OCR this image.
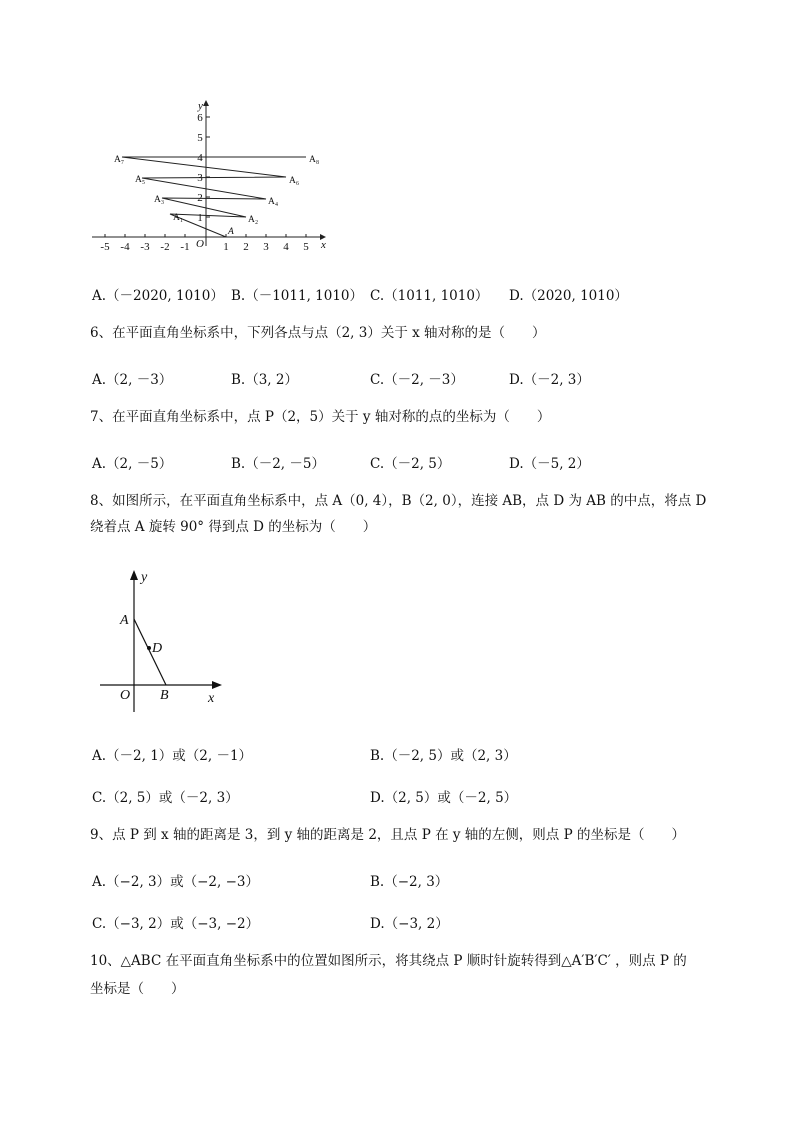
-5 -4 -3 -2 -1	1 2 3 4 5
6
5
4
3
2
1
O	x
y
A
A₁	A₂
A₃	A₄
A₅	A₆
A₇	A₈
A.（－2020, 1010） B.（－1011, 1010） C.（1011, 1010） D.（2020, 1010）
6、在平面直角坐标系中，下列各点与点（2, 3）关于 x 轴对称的是（　　）
A.（2, －3）	B.（3, 2）	C.（－2, －3）	D.（－2, 3）
7、在平面直角坐标系中，点 P（2，5）关于 y 轴对称的点的坐标为（　　）
A.（2, －5）	B.（－2, －5）	C.（－2, 5）	D.（－5, 2）
8、如图所示，在平面直角坐标系中，点 A（0, 4），B（2, 0），连接 AB，点 D 为 AB 的中点，将点 D
绕着点 A 旋转 90° 得到点 D 的坐标为（　　）
y
A
D
O B	x
A.（－2, 1）或（2, －1）	B.（－2, 5）或（2, 3）
C.（2, 5）或（－2, 3）	D.（2, 5）或（－2, 5）
9、点 P 到 x 轴的距离是 3，到 y 轴的距离是 2，且点 P 在 y 轴的左侧，则点 P 的坐标是（　　）
A.（−2, 3）或（−2, −3）	B.（−2, 3）
C.（−3, 2）或（−3, −2）	D.（−3, 2）
10、△ABC 在平面直角坐标系中的位置如图所示，将其绕点 P 顺时针旋转得到△A′B′C′ ，则点 P 的
坐标是（　　）
